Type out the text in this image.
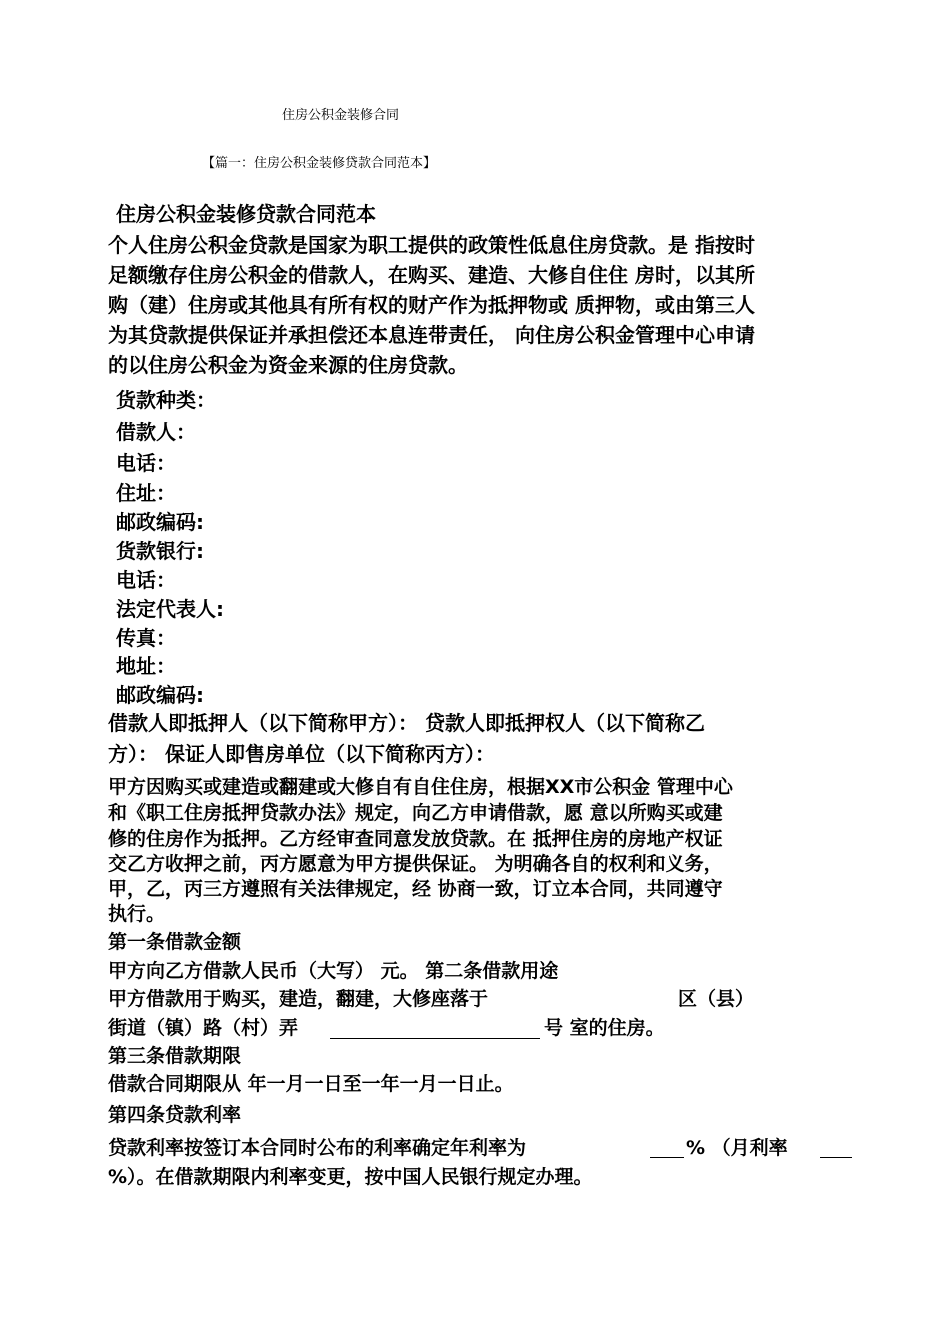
住房公积金装修合同
【篇一：住房公积金装修贷款合同范本】
住房公积金装修贷款合同范本
个人住房公积金贷款是国家为职工提供的政策性低息住房贷款。是 指按时
足额缴存住房公积金的借款人，在购买、建造、大修自住住 房时，以其所
购（建）住房或其他具有所有权的财产作为抵押物或 质押物，或由第三人
为其贷款提供保证并承担偿还本息连带责任， 向住房公积金管理中心申请
的以住房公积金为资金来源的住房贷款。
货款种类：
借款人：
电话：
住址：
邮政编码:
货款银行:
电话：
法定代表人:
传真：
地址：
邮政编码:
借款人即抵押人（以下简称甲方）： 贷款人即抵押权人（以下简称乙
方）： 保证人即售房单位（以下简称丙方）：
甲方因购买或建造或翻建或大修自有自住住房，根据XX市公积金 管理中心
和《职工住房抵押贷款办法》规定，向乙方申请借款，愿 意以所购买或建
修的住房作为抵押。乙方经审查同意发放贷款。在 抵押住房的房地产权证
交乙方收押之前，丙方愿意为甲方提供保证。 为明确各自的权利和义务，
甲，乙，丙三方遵照有关法律规定，经 协商一致，订立本合同，共同遵守
执行。
第一条借款金额
甲方向乙方借款人民币（大写） 元。 第二条借款用途
甲方借款用于购买，建造，翻建，大修座落于	区（县）
街道（镇）路（村）弄	号 室的住房。
第三条借款期限
借款合同期限从 年一月一日至一年一月一日止。
第四条贷款利率
贷款利率按签订本合同时公布的利率确定年利率为	% （月利率
%）。在借款期限内利率变更，按中国人民银行规定办理。
